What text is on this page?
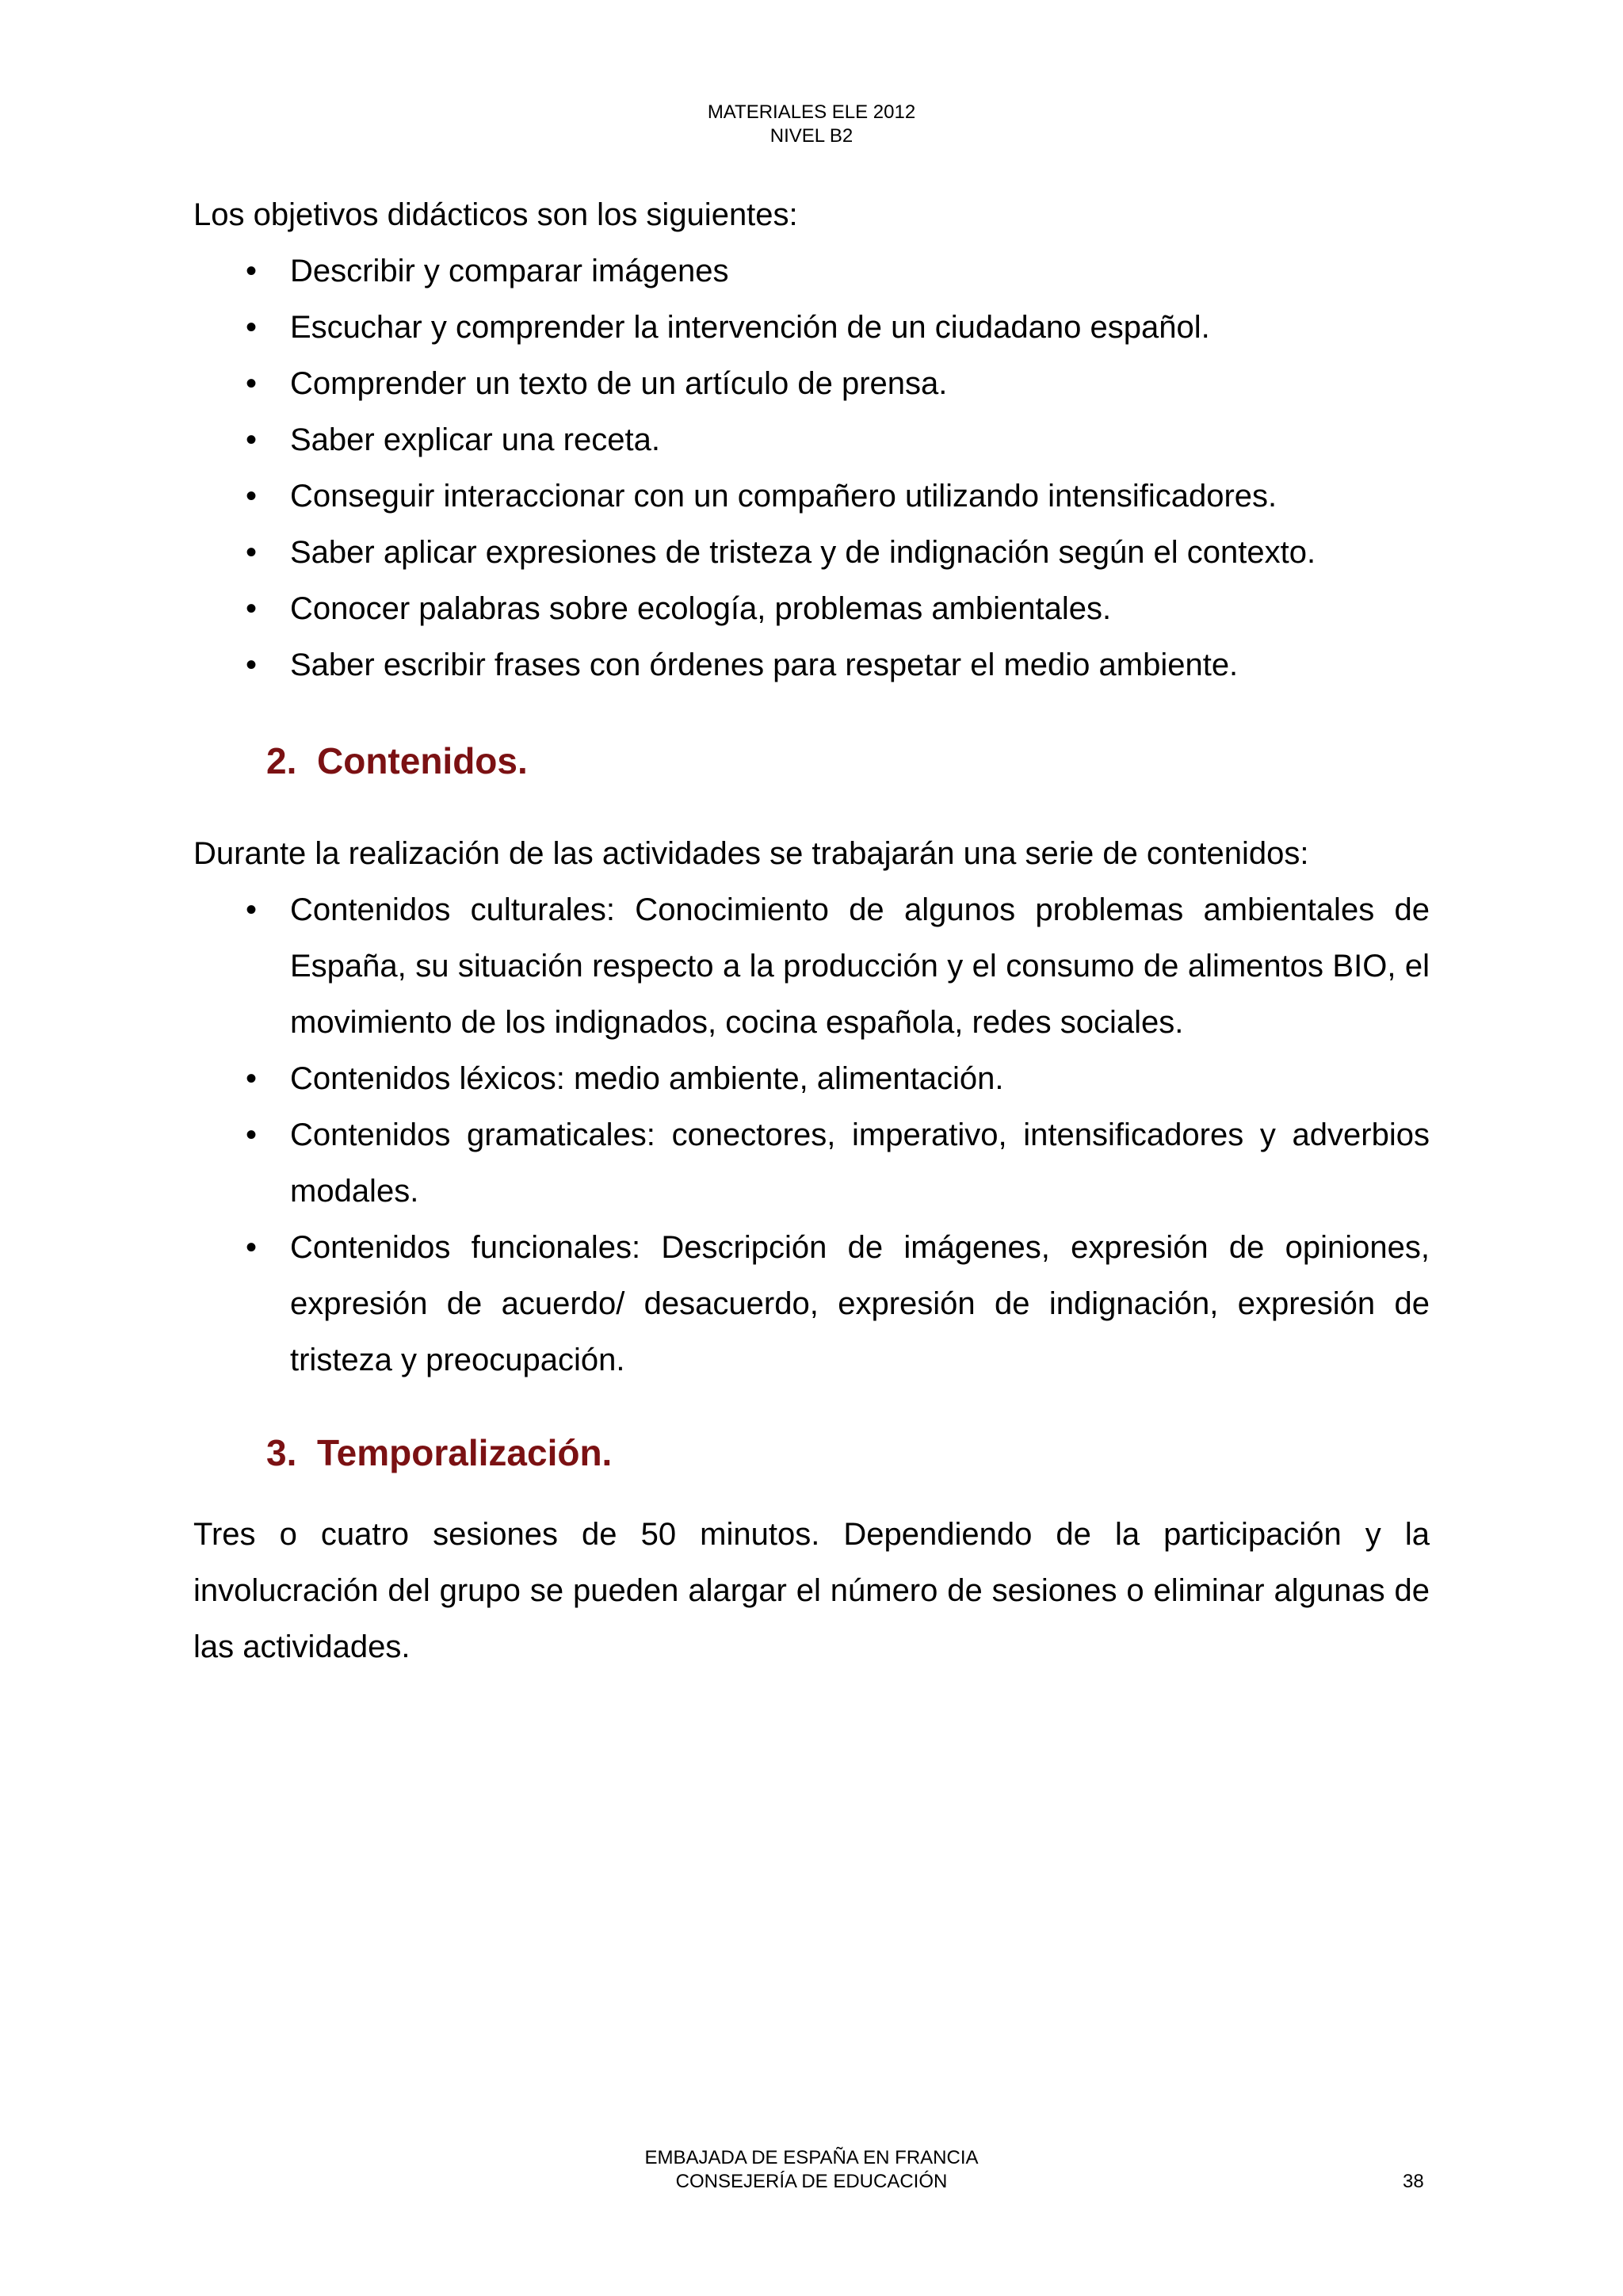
MATERIALES ELE 2012
NIVEL B2

Los objetivos didácticos son los siguientes:

• Describir y comparar imágenes
• Escuchar y comprender la intervención de un ciudadano español.
• Comprender un texto de un artículo de prensa.
• Saber explicar una receta.
• Conseguir interaccionar con un compañero utilizando intensificadores.
• Saber aplicar expresiones de tristeza y de indignación según el contexto.
• Conocer palabras sobre ecología, problemas ambientales.
• Saber escribir frases con órdenes para respetar el medio ambiente.
2. Contenidos.

Durante la realización de las actividades se trabajarán una serie de contenidos:

• Contenidos culturales: Conocimiento de algunos problemas ambientales de España, su situación respecto a la producción y el consumo de alimentos BIO, el movimiento de los indignados, cocina española, redes sociales.
• Contenidos léxicos: medio ambiente, alimentación.
• Contenidos gramaticales: conectores, imperativo, intensificadores y adverbios modales.
• Contenidos funcionales: Descripción de imágenes, expresión de opiniones, expresión de acuerdo/ desacuerdo, expresión de indignación, expresión de tristeza y preocupación.
3. Temporalización.

Tres o cuatro sesiones de 50 minutos. Dependiendo de la participación y la involucración del grupo se pueden alargar el número de sesiones o eliminar algunas de las actividades.

EMBAJADA DE ESPAÑA EN FRANCIA
CONSEJERÍA DE EDUCACIÓN	38
